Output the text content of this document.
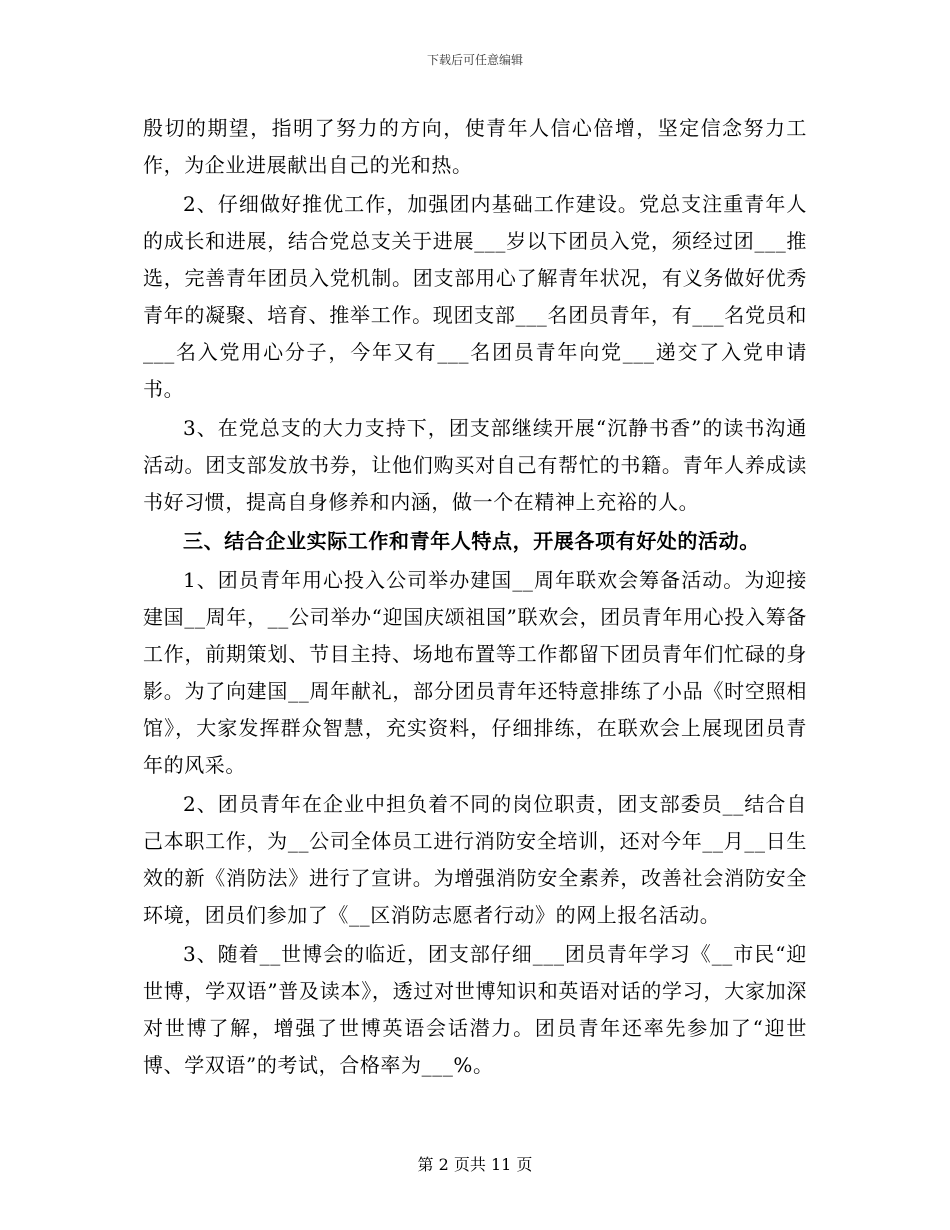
下载后可任意编辑

殷切的期望，指明了努力的方向，使青年人信心倍增，坚定信念努力工作，为企业进展献出自己的光和热。

2、仔细做好推优工作，加强团内基础工作建设。党总支注重青年人的成长和进展，结合党总支关于进展___岁以下团员入党，须经过团___推选，完善青年团员入党机制。团支部用心了解青年状况，有义务做好优秀青年的凝聚、培育、推举工作。现团支部___名团员青年，有___名党员和___名入党用心分子，今年又有___名团员青年向党___递交了入党申请书。

3、在党总支的大力支持下，团支部继续开展“沉静书香”的读书沟通活动。团支部发放书券，让他们购买对自己有帮忙的书籍。青年人养成读书好习惯，提高自身修养和内涵，做一个在精神上充裕的人。

三、结合企业实际工作和青年人特点，开展各项有好处的活动。

1、团员青年用心投入公司举办建国__周年联欢会筹备活动。为迎接建国__周年，__公司举办“迎国庆颂祖国”联欢会，团员青年用心投入筹备工作，前期策划、节目主持、场地布置等工作都留下团员青年们忙碌的身影。为了向建国__周年献礼，部分团员青年还特意排练了小品《时空照相馆》，大家发挥群众智慧，充实资料，仔细排练，在联欢会上展现团员青年的风采。

2、团员青年在企业中担负着不同的岗位职责，团支部委员__结合自己本职工作，为__公司全体员工进行消防安全培训，还对今年__月__日生效的新《消防法》进行了宣讲。为增强消防安全素养，改善社会消防安全环境，团员们参加了《__区消防志愿者行动》的网上报名活动。

3、随着__世博会的临近，团支部仔细___团员青年学习《__市民“迎世博，学双语”普及读本》，透过对世博知识和英语对话的学习，大家加深对世博了解，增强了世博英语会话潜力。团员青年还率先参加了“迎世博、学双语”的考试，合格率为___%。

第 2 页共 11 页
